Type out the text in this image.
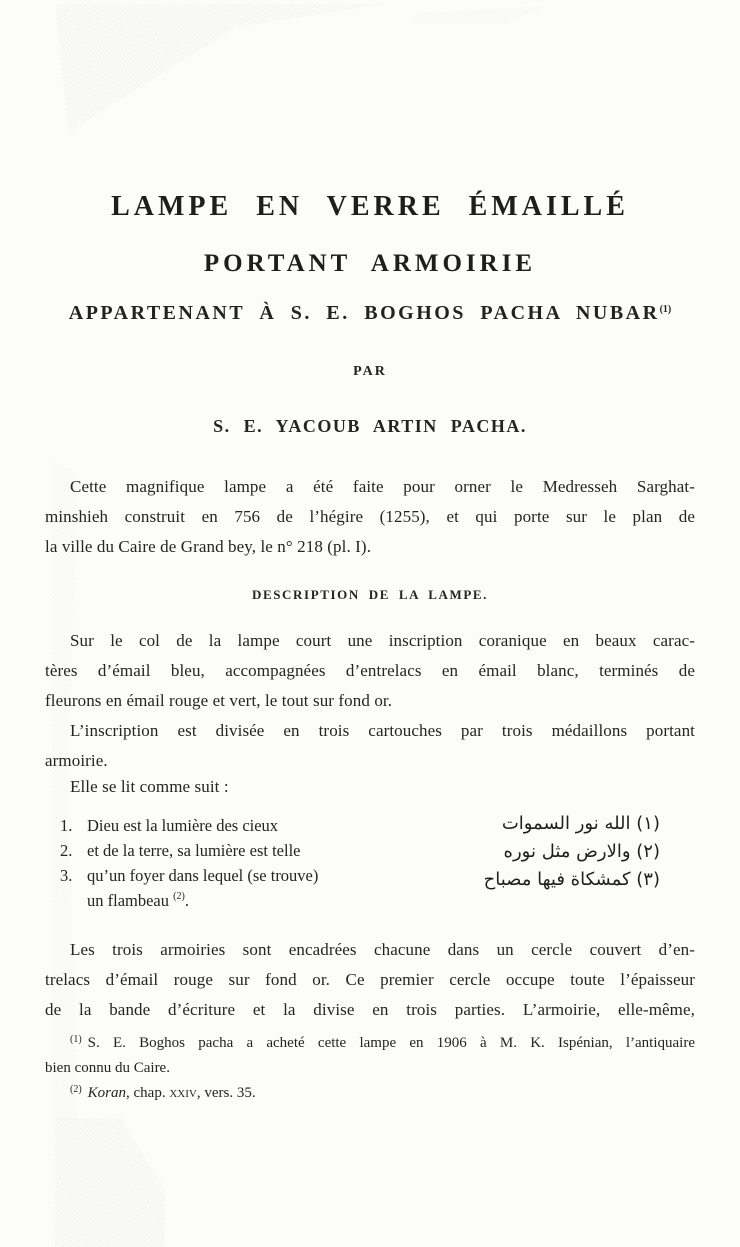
LAMPE EN VERRE ÉMAILLÉ
PORTANT ARMOIRIE
APPARTENANT À S. E. BOGHOS PACHA NUBAR$^{(1)}$
PAR
S. E. YACOUB ARTIN PACHA.
Cette magnifique lampe a été faite pour orner le Medresseh Sarghat-
minshieh construit en 756 de l’hégire (1255), et qui porte sur le plan de
la ville du Caire de Grand bey, le n° 218 (pl. I).
DESCRIPTION DE LA LAMPE.
Sur le col de la lampe court une inscription coranique en beaux carac-
tères d’émail bleu, accompagnées d’entrelacs en émail blanc, terminés de
fleurons en émail rouge et vert, le tout sur fond or.
L’inscription est divisée en trois cartouches par trois médaillons portant
armoirie.
Elle se lit comme suit :
1. Dieu est la lumière des cieux
2. et de la terre, sa lumière est telle
3. qu’un foyer dans lequel (se trouve)
un flambeau $^{(2)}$.
(١) الله نور السموات
(٢) والارض مثل نوره
(٣) كمشكاة فيها مصباح
Les trois armoiries sont encadrées chacune dans un cercle couvert d’en-
trelacs d’émail rouge sur fond or. Ce premier cercle occupe toute l’épaisseur
de la bande d’écriture et la divise en trois parties. L’armoirie, elle-même,
$^{(1)}$ S. E. Boghos pacha a acheté cette lampe en 1906 à M. K. Ispénian, l’antiquaire
bien connu du Caire.
$^{(2)}$ Koran, chap. xxiv, vers. 35.
